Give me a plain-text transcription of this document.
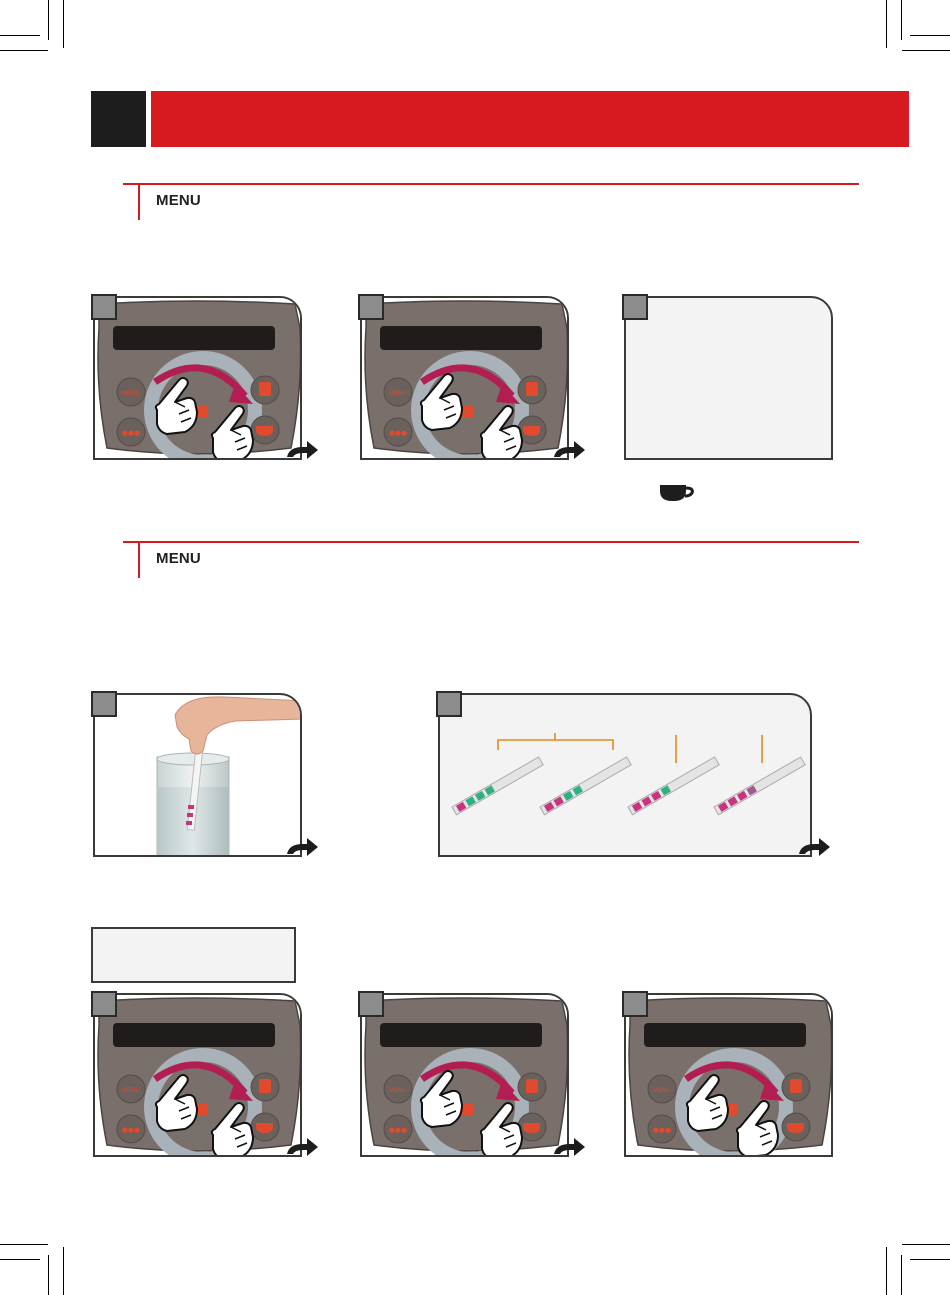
MENU
MENU
●●●
MENU
●●●
MENU
MENU
●●●
MENU
●●●
MENU
●●●
